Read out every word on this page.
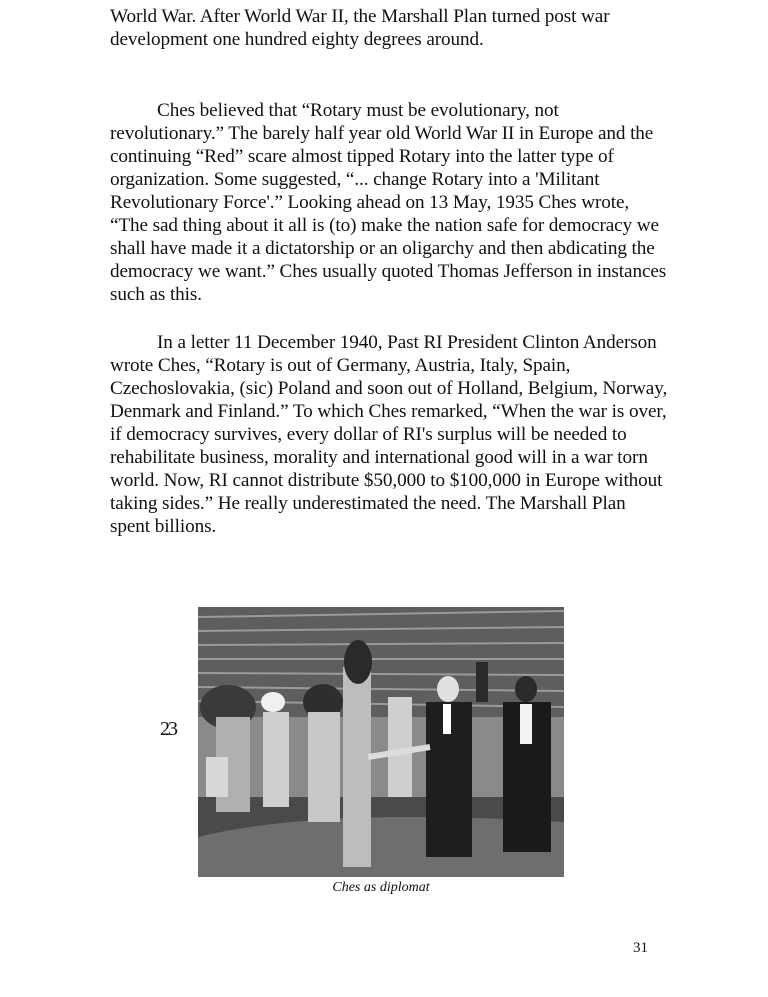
World War. After World War II, the Marshall Plan turned post war development one hundred eighty degrees around.

Ches believed that “Rotary must be evolutionary, not revolutionary.” The barely half year old World War II in Europe and the continuing “Red” scare almost tipped Rotary into the latter type of organization. Some suggested, “... change Rotary into a 'Militant Revolutionary Force'.” Looking ahead on 13 May, 1935 Ches wrote, “The sad thing about it all is (to) make the nation safe for democracy we shall have made it a dictatorship or an oligarchy and then abdicating the democracy we want.” Ches usually quoted Thomas Jefferson in instances such as this.

In a letter 11 December 1940, Past RI President Clinton Anderson wrote Ches, “Rotary is out of Germany, Austria, Italy, Spain, Czechoslovakia, (sic) Poland and soon out of Holland, Belgium, Norway, Denmark and Finland.” To which Ches remarked, “When the war is over, if democracy survives, every dollar of RI's surplus will be needed to rehabilitate business, morality and international good will in a war torn world. Now, RI cannot distribute $50,000 to $100,000 in Europe without taking sides.” He really underestimated the need. The Marshall Plan spent billions.

23
Ches as diplomat
31
